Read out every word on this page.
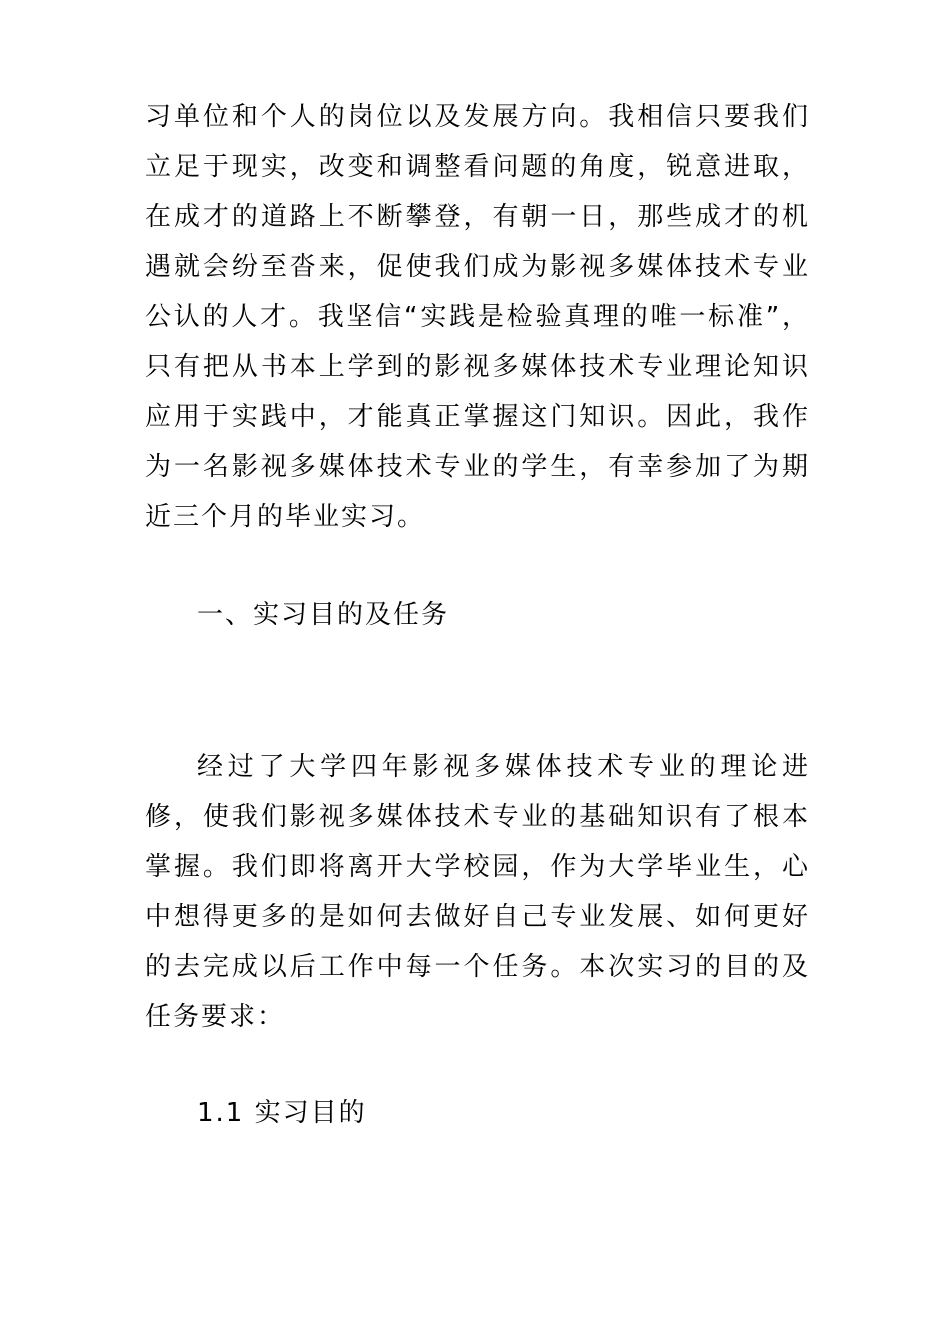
习单位和个人的岗位以及发展方向。我相信只要我们立足于现实，改变和调整看问题的角度，锐意进取，在成才的道路上不断攀登，有朝一日，那些成才的机遇就会纷至沓来，促使我们成为影视多媒体技术专业公认的人才。我坚信“实践是检验真理的唯一标准”，只有把从书本上学到的影视多媒体技术专业理论知识应用于实践中，才能真正掌握这门知识。因此，我作为一名影视多媒体技术专业的学生，有幸参加了为期近三个月的毕业实习。

一、实习目的及任务

经过了大学四年影视多媒体技术专业的理论进修，使我们影视多媒体技术专业的基础知识有了根本掌握。我们即将离开大学校园，作为大学毕业生，心中想得更多的是如何去做好自己专业发展、如何更好的去完成以后工作中每一个任务。本次实习的目的及任务要求：

1.1 实习目的
